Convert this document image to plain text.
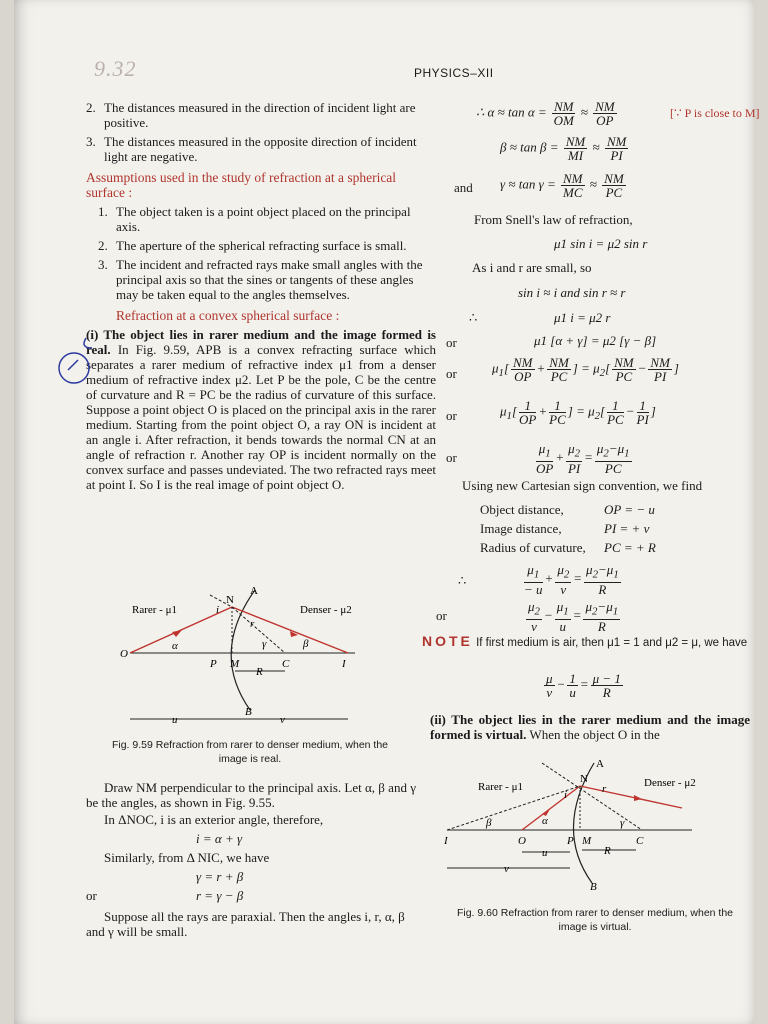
9.32	PHYSICS–XII
2. The distances measured in the direction of incident light are positive.
3. The distances measured in the opposite direction of incident light are negative.
Assumptions used in the study of refraction at a spherical surface :
1. The object taken is a point object placed on the principal axis.
2. The aperture of the spherical refracting surface is small.
3. The incident and refracted rays make small angles with the principal axis so that the sines or tangents of these angles may be taken equal to the angles themselves.
Refraction at a convex spherical surface :

(i) The object lies in rarer medium and the image formed is real. In Fig. 9.59, APB is a convex refracting surface which separates a rarer medium of refractive index μ1 from a denser medium of refractive index μ2. Let P be the pole, C be the centre of curvature and R = PC be the radius of curvature of this surface. Suppose a point object O is placed on the principal axis in the rarer medium. Starting from the point object O, a ray ON is incident at an angle i. After refraction, it bends towards the normal CN at an angle of refraction r. Another ray OP is incident normally on the convex surface and passes undeviated. The two refracted rays meet at point I. So I is the real image of point object O.

Rarer - μ1	Denser - μ2
A
N
i
r
α	β
γ
O
P M	C	I
R
B
u	v
Fig. 9.59 Refraction from rarer to denser medium, when the image is real.

Draw NM perpendicular to the principal axis. Let α, β and γ be the angles, as shown in Fig. 9.55.

In ΔNOC, i is an exterior angle, therefore,

i = α + γ

Similarly, from Δ NIC, we have

γ = r + β

or	r = γ − β

Suppose all the rays are paraxial. Then the angles i, r, α, β and γ will be small.

∴ $\alpha \approx \tan \alpha = \frac{NM}{OM} \approx \frac{NM}{OP}$	[∵ P is close to M]
$\beta \approx \tan \beta = \frac{NM}{MI} \approx \frac{NM}{PI}$
and $\gamma \approx \tan \gamma = \frac{NM}{MC} \approx \frac{NM}{PC}$
From Snell's law of refraction,
μ1 sin i = μ2 sin r
As i and r are small, so
sin i ≈ i and sin r ≈ r
∴	μ1 i = μ2 r
or	μ1 [α + γ] = μ2 [γ − β]
or	$\mu_1[ \frac{NM}{OP} + \frac{NM}{PC}$ ] = $\mu_2[ \frac{NM}{PC} - \frac{NM}{PI}$ ]
or	$\mu_1[ \frac{1}{OP} + \frac{1}{PC}$ ] = $\mu_2[ \frac{1}{PC} - \frac{1}{PI}$ ]
or	$\frac{\mu_1}{OP} + \frac{\mu_2}{PI} = \frac{\mu_2-\mu_1}{PC}$
Using new Cartesian sign convention, we find
Object distance,	OP = − u
Image distance,	PI = + v
Radius of curvature,	PC = + R
∴	$\frac{\mu_1}{- u} + \frac{\mu_2}{v} = \frac{\mu_2-\mu_1}{R}$
or	$\frac{\mu_2}{v} - \frac{\mu_1}{u} = \frac{\mu_2-\mu_1}{R}$
NOTE If first medium is air, then μ1 = 1 and μ2 = μ, we have
$\frac{\mu}{v} - \frac{1}{u} = \frac{\mu - 1}{R}$

(ii) The object lies in the rarer medium and the image formed is virtual. When the object O in the

Rarer - μ1	Denser - μ2
A
N
i	r
α
β	γ
I	O	P M	C
R
B
u
v
Fig. 9.60 Refraction from rarer to denser medium, when the image is virtual.
